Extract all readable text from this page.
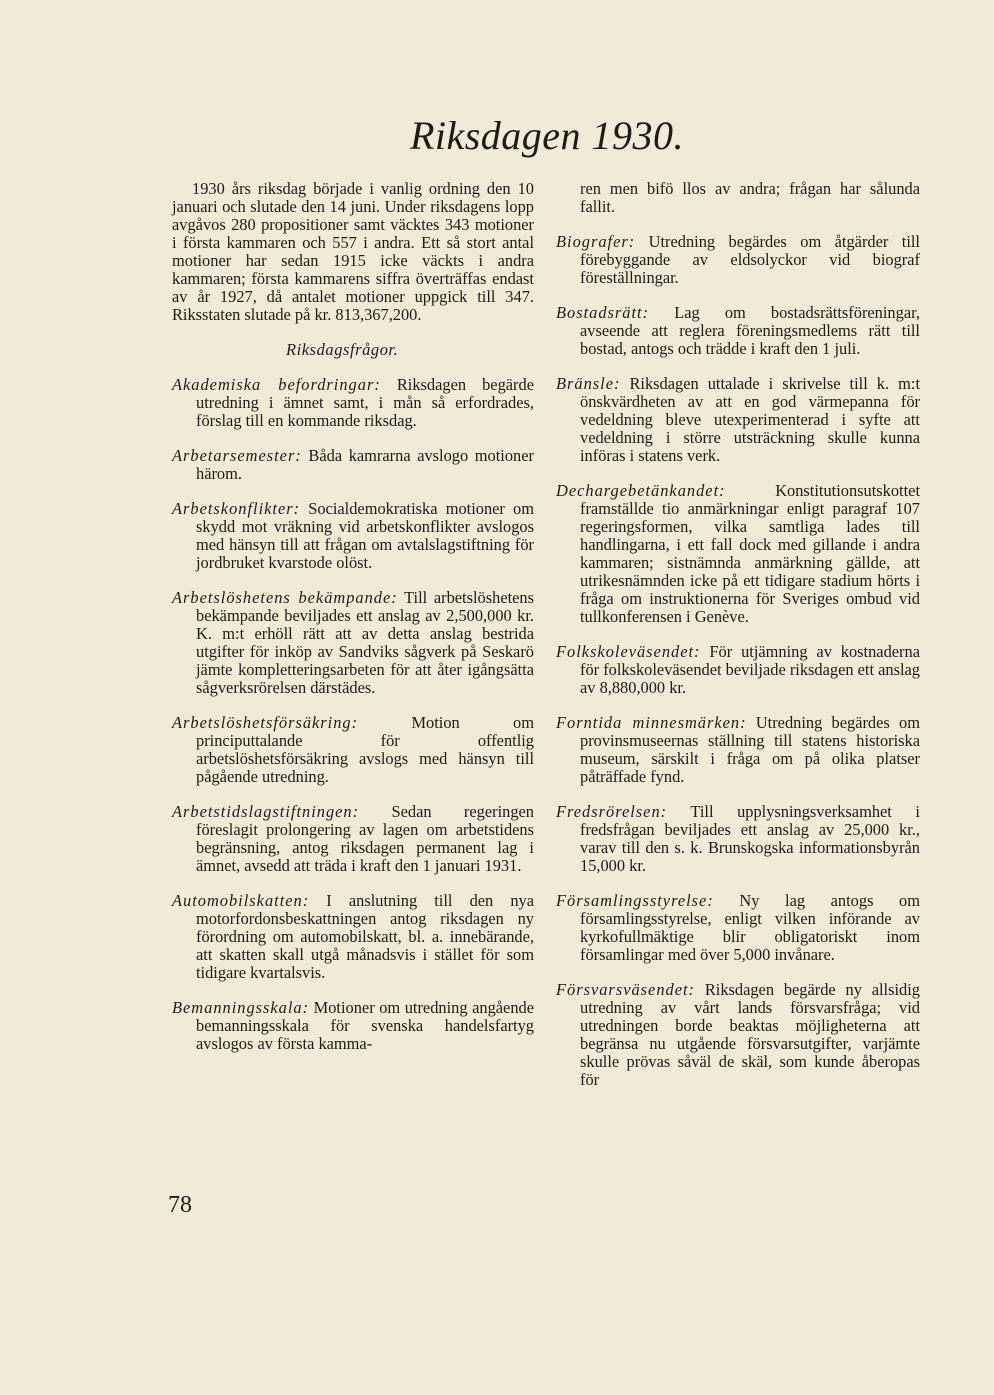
Riksdagen 1930.

1930 års riksdag började i vanlig ordning den 10 januari och slutade den 14 juni. Under riksdagens lopp avgåvos 280 propositioner samt väcktes 343 motioner i första kammaren och 557 i andra. Ett så stort antal motioner har sedan 1915 icke väckts i andra kammaren; första kammarens siffra överträffas endast av år 1927, då antalet motioner uppgick till 347. Riksstaten slutade på kr. 813,367,200.

Riksdagsfrågor.

Akademiska befordringar: Riksdagen begärde utredning i ämnet samt, i mån så erfordrades, förslag till en kommande riksdag.

Arbetarsemester: Båda kamrarna avslogo motioner härom.

Arbetskonflikter: Socialdemokratiska motioner om skydd mot vräkning vid arbetskonflikter avslogos med hänsyn till att frågan om avtalslagstiftning för jordbruket kvarstode olöst.

Arbetslöshetens bekämpande: Till arbetslöshetens bekämpande beviljades ett anslag av 2,500,000 kr. K. m:t erhöll rätt att av detta anslag bestrida utgifter för inköp av Sandviks sågverk på Seskarö jämte kompletteringsarbeten för att åter igångsätta sågverksrörelsen därstädes.

Arbetslöshetsförsäkring:	Motion om principuttalande för offentlig arbetslöshetsförsäkring avslogs med hänsyn till pågående utredning.

Arbetstidslagstiftningen: Sedan regeringen föreslagit prolongering av lagen om arbetstidens begränsning, antog riksdagen permanent lag i ämnet, avsedd att träda i kraft den 1 januari 1931.

Automobilskatten: I anslutning till den nya motorfordonsbeskattningen antog riksdagen ny förordning om automobilskatt, bl. a. innebärande, att skatten skall utgå månadsvis i stället för som tidigare kvartalsvis.

Bemanningsskala: Motioner om utredning angående bemanningsskala för svenska handelsfartyg avslogos av första kamma-

ren men bifö llos av andra; frågan har sålunda fallit.

Biografer: Utredning begärdes om åtgärder till förebyggande av eldsolyckor vid biograf föreställningar.

Bostadsrätt: Lag om bostadsrättsföreningar, avseende att reglera föreningsmedlems rätt till bostad, antogs och trädde i kraft den 1 juli.

Bränsle: Riksdagen uttalade i skrivelse till k. m:t önskvärdheten av att en god värmepanna för vedeldning bleve utexperimenterad i syfte att vedeldning i större utsträckning skulle kunna införas i statens verk.

Dechargebetänkandet:	Konstitutionsutskottet framställde tio anmärkningar enligt paragraf 107 regeringsformen, vilka samtliga lades till handlingarna, i ett fall dock med gillande i andra kammaren; sistnämnda anmärkning gällde, att utrikesnämnden icke på ett tidigare stadium hörts i fråga om instruktionerna för Sveriges ombud vid tullkonferensen i Genève.

Folkskoleväsendet: För utjämning av kostnaderna för folkskoleväsendet beviljade riksdagen ett anslag av 8,880,000 kr.

Forntida minnesmärken: Utredning begärdes om provinsmuseernas ställning till statens historiska museum, särskilt i fråga om på olika platser påträffade fynd.

Fredsrörelsen: Till upplysningsverksamhet i fredsfrågan beviljades ett anslag av 25,000 kr., varav till den s. k. Brunskogska informationsbyrån 15,000 kr.

Församlingsstyrelse: Ny lag antogs om församlingsstyrelse, enligt vilken införande av kyrkofullmäktige blir obligatoriskt inom församlingar med över 5,000 invånare.

Försvarsväsendet: Riksdagen begärde ny allsidig utredning av vårt lands försvarsfråga; vid utredningen borde beaktas möjligheterna att begränsa nu utgående försvarsutgifter, varjämte skulle prövas såväl de skäl, som kunde åberopas för

78
